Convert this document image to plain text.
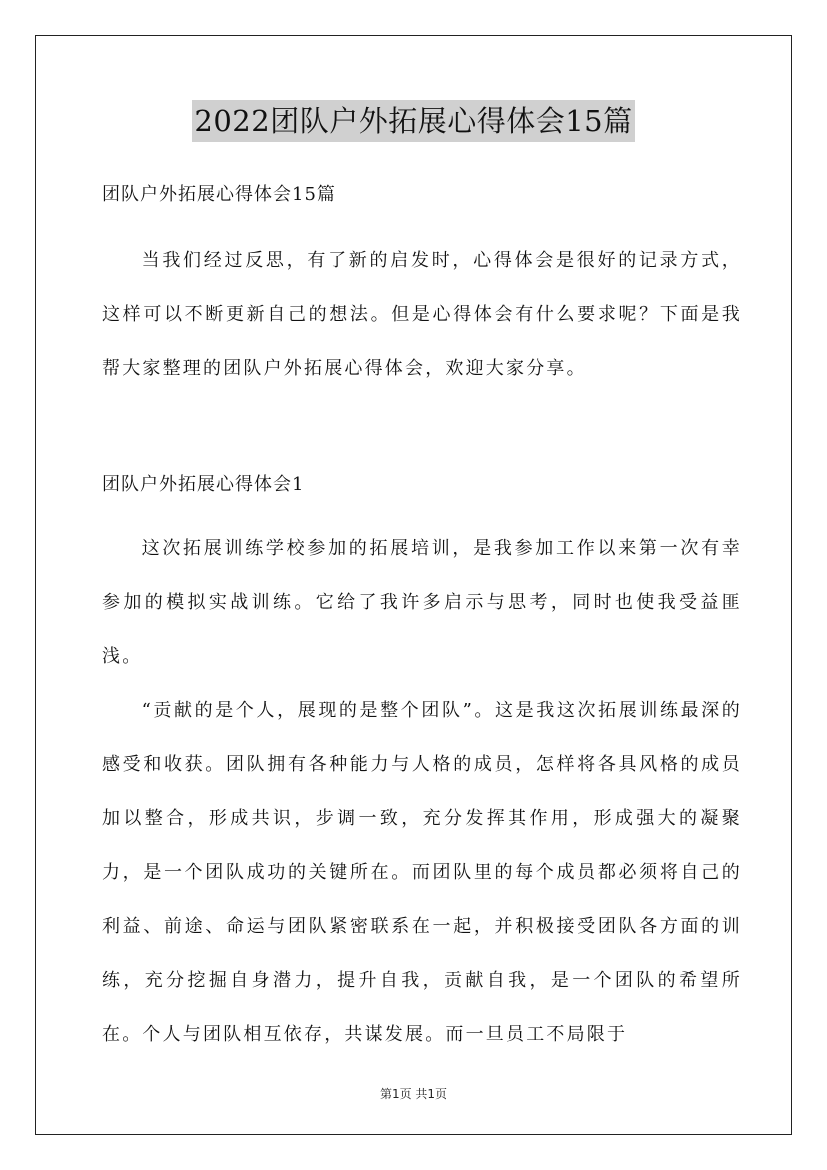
2022团队户外拓展心得体会15篇

团队户外拓展心得体会15篇

当我们经过反思，有了新的启发时，心得体会是很好的记录方式，这样可以不断更新自己的想法。但是心得体会有什么要求呢？下面是我帮大家整理的团队户外拓展心得体会，欢迎大家分享。

团队户外拓展心得体会1

这次拓展训练学校参加的拓展培训，是我参加工作以来第一次有幸参加的模拟实战训练。它给了我许多启示与思考，同时也使我受益匪浅。

“贡献的是个人，展现的是整个团队”。这是我这次拓展训练最深的感受和收获。团队拥有各种能力与人格的成员，怎样将各具风格的成员加以整合，形成共识，步调一致，充分发挥其作用，形成强大的凝聚力，是一个团队成功的关键所在。而团队里的每个成员都必须将自己的利益、前途、命运与团队紧密联系在一起，并积极接受团队各方面的训练，充分挖掘自身潜力，提升自我，贡献自我，是一个团队的希望所在。个人与团队相互依存，共谋发展。而一旦员工不局限于

第1页 共1页
